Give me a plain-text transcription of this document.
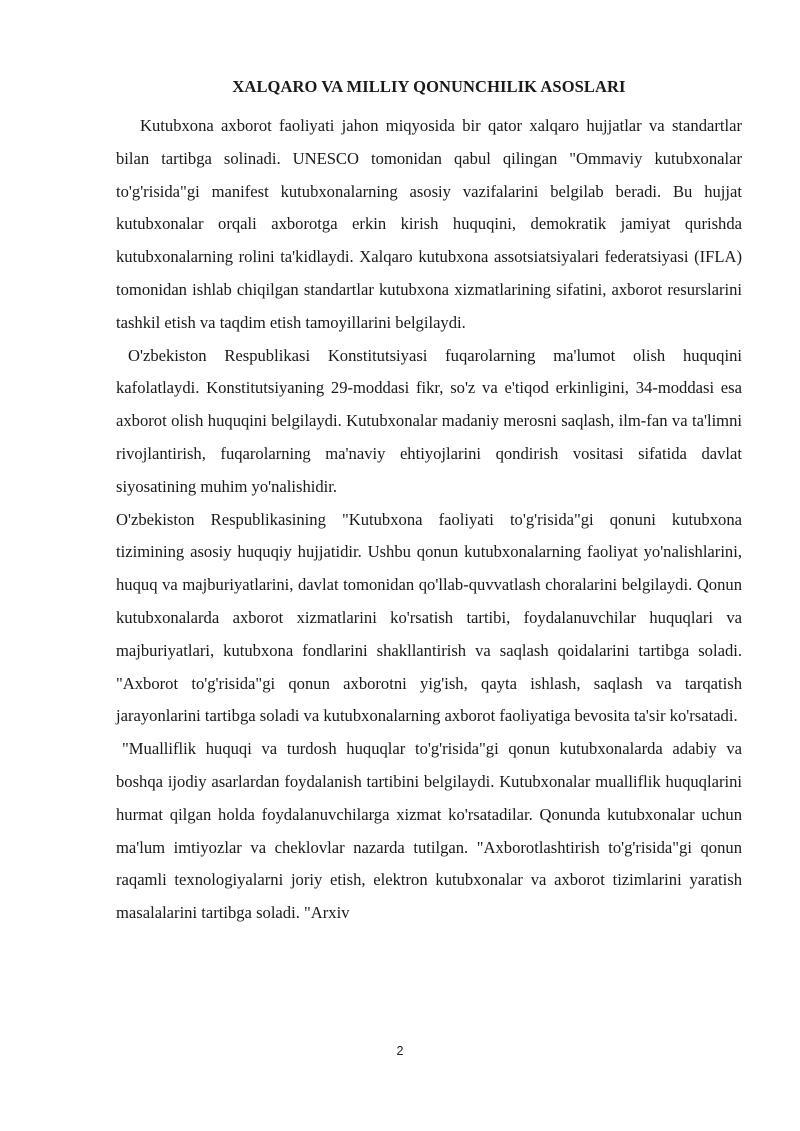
XALQARO VA MILLIY QONUNCHILIK ASOSLARI

Kutubxona axborot faoliyati jahon miqyosida bir qator xalqaro hujjatlar va standartlar bilan tartibga solinadi. UNESCO tomonidan qabul qilingan "Ommaviy kutubxonalar to'g'risida"gi manifest kutubxonalarning asosiy vazifalarini belgilab beradi. Bu hujjat kutubxonalar orqali axborotga erkin kirish huquqini, demokratik jamiyat qurishda kutubxonalarning rolini ta'kidlaydi. Xalqaro kutubxona assotsiatsiyalari federatsiyasi (IFLA) tomonidan ishlab chiqilgan standartlar kutubxona xizmatlarining sifatini, axborot resurslarini tashkil etish va taqdim etish tamoyillarini belgilaydi.

O'zbekiston Respublikasi Konstitutsiyasi fuqarolarning ma'lumot olish huquqini kafolatlaydi. Konstitutsiyaning 29-moddasi fikr, so'z va e'tiqod erkinligini, 34-moddasi esa axborot olish huquqini belgilaydi. Kutubxonalar madaniy merosni saqlash, ilm-fan va ta'limni rivojlantirish, fuqarolarning ma'naviy ehtiyojlarini qondirish vositasi sifatida davlat siyosatining muhim yo'nalishidir.

O'zbekiston Respublikasining "Kutubxona faoliyati to'g'risida"gi qonuni kutubxona tizimining asosiy huquqiy hujjatidir. Ushbu qonun kutubxonalarning faoliyat yo'nalishlarini, huquq va majburiyatlarini, davlat tomonidan qo'llab-quvvatlash choralarini belgilaydi. Qonun kutubxonalarda axborot xizmatlarini ko'rsatish tartibi, foydalanuvchilar huquqlari va majburiyatlari, kutubxona fondlarini shakllantirish va saqlash qoidalarini tartibga soladi. "Axborot to'g'risida"gi qonun axborotni yig'ish, qayta ishlash, saqlash va tarqatish jarayonlarini tartibga soladi va kutubxonalarning axborot faoliyatiga bevosita ta'sir ko'rsatadi.

"Mualliflik huquqi va turdosh huquqlar to'g'risida"gi qonun kutubxonalarda adabiy va boshqa ijodiy asarlardan foydalanish tartibini belgilaydi. Kutubxonalar mualliflik huquqlarini hurmat qilgan holda foydalanuvchilarga xizmat ko'rsatadilar. Qonunda kutubxonalar uchun ma'lum imtiyozlar va cheklovlar nazarda tutilgan. "Axborotlashtirish to'g'risida"gi qonun raqamli texnologiyalarni joriy etish, elektron kutubxonalar va axborot tizimlarini yaratish masalalarini tartibga soladi. "Arxiv

2
